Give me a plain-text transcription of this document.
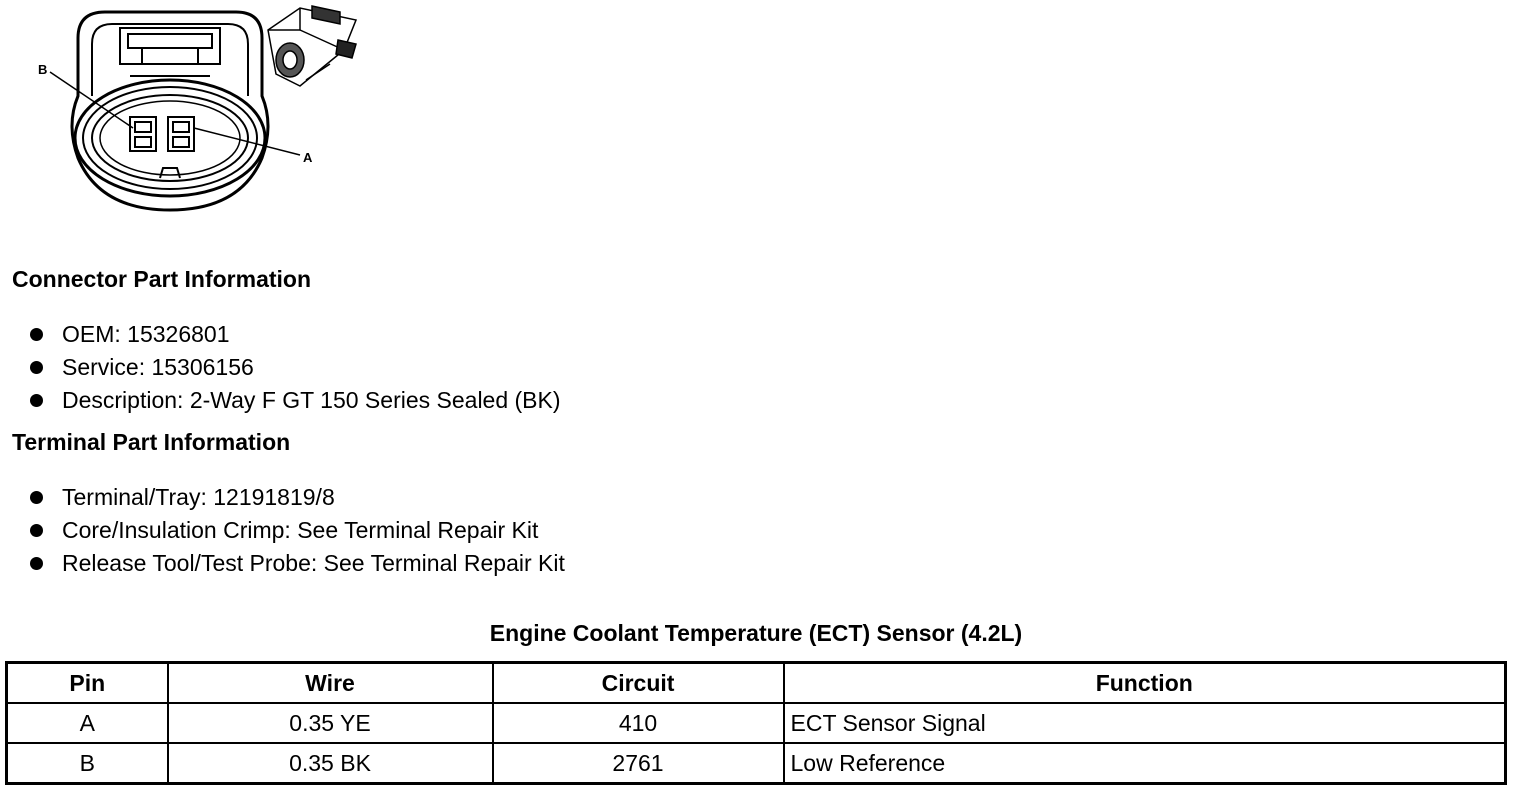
B
A
Connector Part Information
OEM: 15326801
Service: 15306156
Description: 2-Way F GT 150 Series Sealed (BK)
Terminal Part Information
Terminal/Tray: 12191819/8
Core/Insulation Crimp: See Terminal Repair Kit
Release Tool/Test Probe: See Terminal Repair Kit
Engine Coolant Temperature (ECT) Sensor (4.2L)
Pin	Wire	Circuit	Function
A	0.35 YE	410	ECT Sensor Signal
B	0.35 BK	2761	Low Reference
